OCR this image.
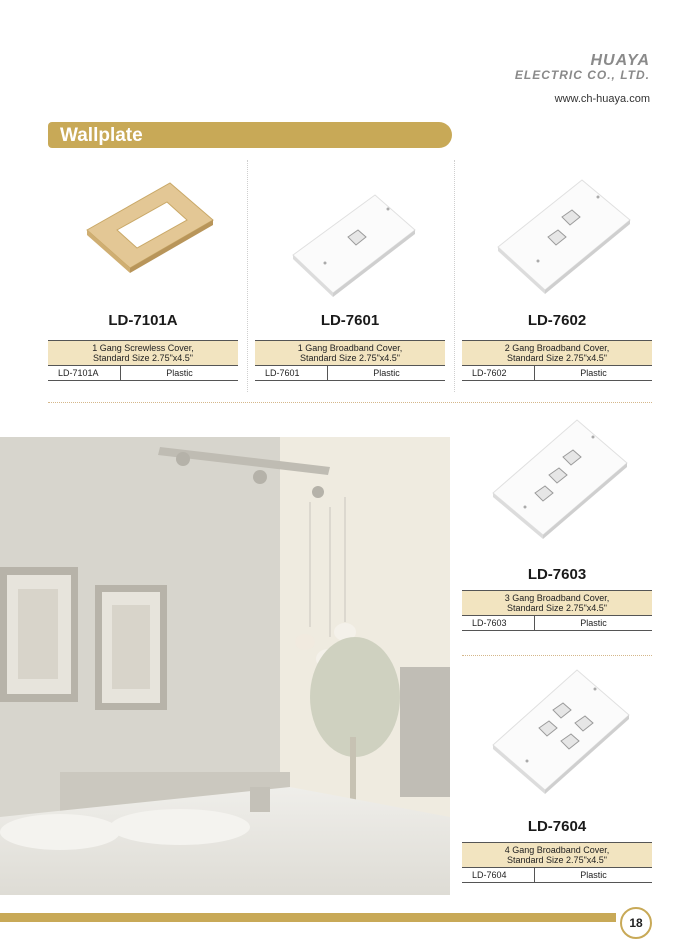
HUAYA
ELECTRIC CO., LTD.
www.ch-huaya.com
Wallplate
LD-7101A
1 Gang Screwless Cover,
Standard Size 2.75"x4.5"
LD-7101A	Plastic
LD-7601
1 Gang Broadband Cover,
Standard Size 2.75"x4.5"
LD-7601	Plastic
LD-7602
2 Gang Broadband Cover,
Standard Size 2.75"x4.5"
LD-7602	Plastic
LD-7603
3 Gang Broadband Cover,
Standard Size 2.75"x4.5"
LD-7603	Plastic
LD-7604
4 Gang Broadband Cover,
Standard Size 2.75"x4.5"
LD-7604	Plastic
18
